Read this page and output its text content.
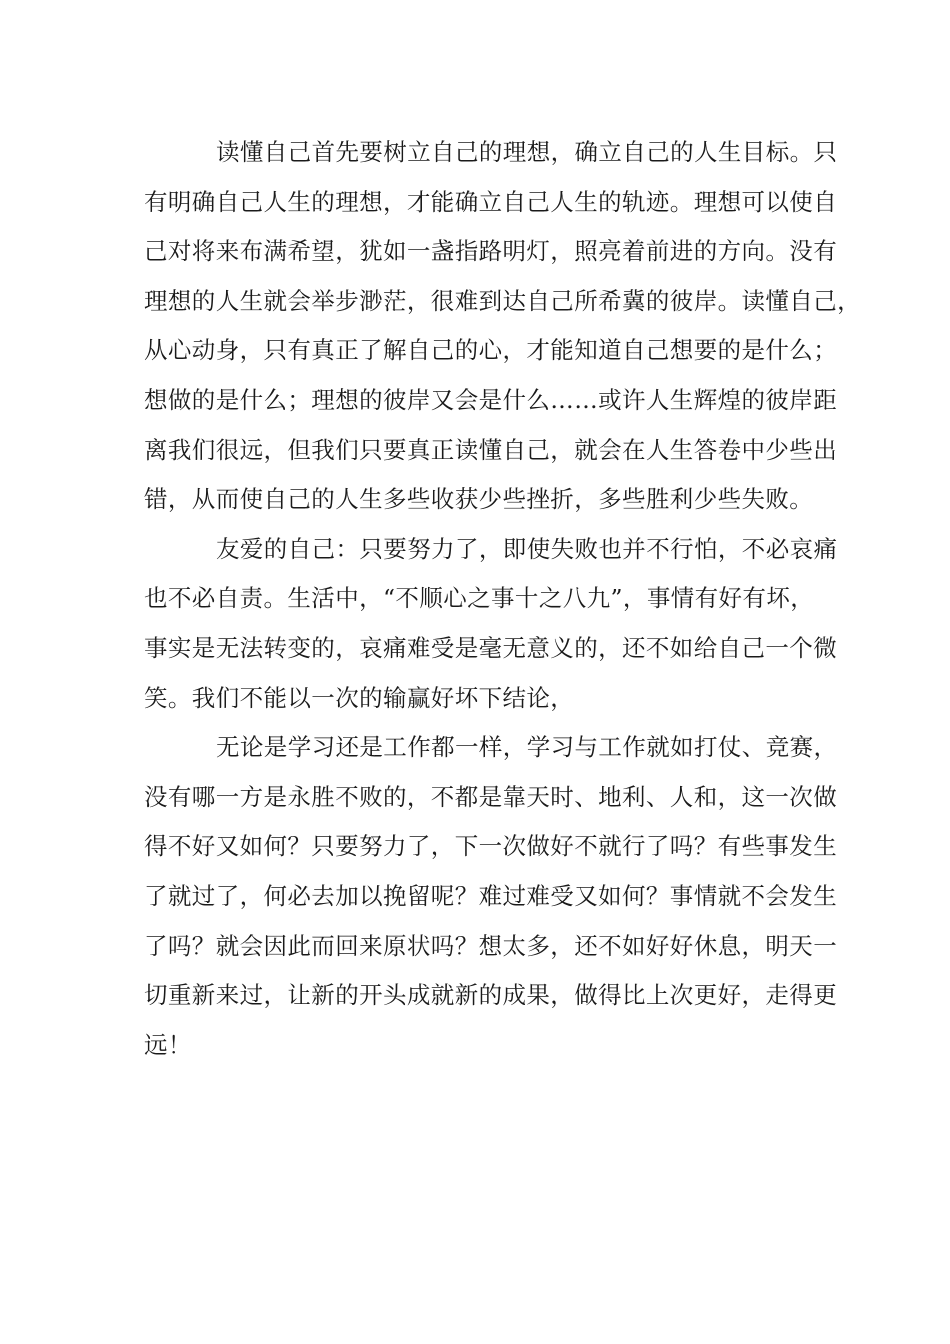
读懂自己首先要树立自己的理想，确立自己的人生目标。只
有明确自己人生的理想，才能确立自己人生的轨迹。理想可以使自
己对将来布满希望，犹如一盏指路明灯，照亮着前进的方向。没有
理想的人生就会举步渺茫，很难到达自己所希冀的彼岸。读懂自己，
从心动身，只有真正了解自己的心，才能知道自己想要的是什么；
想做的是什么；理想的彼岸又会是什么……或许人生辉煌的彼岸距
离我们很远，但我们只要真正读懂自己，就会在人生答卷中少些出
错，从而使自己的人生多些收获少些挫折，多些胜利少些失败。
友爱的自己：只要努力了，即使失败也并不行怕，不必哀痛
也不必自责。生活中，“不顺心之事十之八九”，事情有好有坏，
事实是无法转变的，哀痛难受是毫无意义的，还不如给自己一个微
笑。我们不能以一次的输赢好坏下结论，
无论是学习还是工作都一样，学习与工作就如打仗、竞赛，
没有哪一方是永胜不败的，不都是靠天时、地利、人和，这一次做
得不好又如何？只要努力了，下一次做好不就行了吗？有些事发生
了就过了，何必去加以挽留呢？难过难受又如何？事情就不会发生
了吗？就会因此而回来原状吗？想太多，还不如好好休息，明天一
切重新来过，让新的开头成就新的成果，做得比上次更好，走得更
远！
